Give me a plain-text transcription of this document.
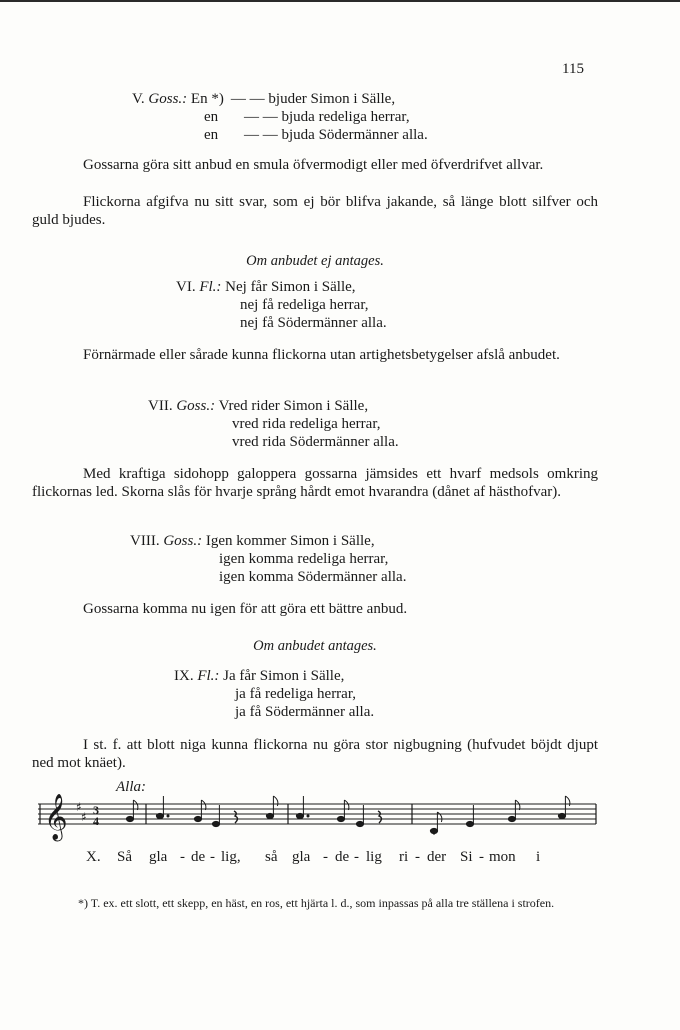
115
V. Goss.: En *) — — bjuder Simon i Sälle,
en — — bjuda redeliga herrar,
en — — bjuda Södermänner alla.

Gossarna göra sitt anbud en smula öfvermodigt eller med öfverdrifvet allvar.

Flickorna afgifva nu sitt svar, som ej bör blifva jakande, så länge blott silfver och guld bjudes.

Om anbudet ej antages.
VI. Fl.: Nej får Simon i Sälle,
nej få redeliga herrar,
nej få Södermänner alla.

Förnärmade eller sårade kunna flickorna utan artighetsbetygelser afslå anbudet.

VII. Goss.: Vred rider Simon i Sälle,
vred rida redeliga herrar,
vred rida Södermänner alla.

Med kraftiga sidohopp galoppera gossarna jämsides ett hvarf medsols omkring flickornas led. Skorna slås för hvarje språng hårdt emot hvarandra (dånet af hästhofvar).

VIII. Goss.: Igen kommer Simon i Sälle,
igen komma redeliga herrar,
igen komma Södermänner alla.

Gossarna komma nu igen för att göra ett bättre anbud.

Om anbudet antages.
IX. Fl.: Ja får Simon i Sälle,
ja få redeliga herrar,
ja få Södermänner alla.

I st. f. att blott niga kunna flickorna nu göra stor nigbugning (hufvudet böjdt djupt ned mot knäet).

Alla:
𝄞 ♯
♯ 3
4
X. Så gla - de - lig, så gla - de - lig ri - der Si - mon i

*) T. ex. ett slott, ett skepp, en häst, en ros, ett hjärta l. d., som inpassas på alla tre ställena i strofen.
